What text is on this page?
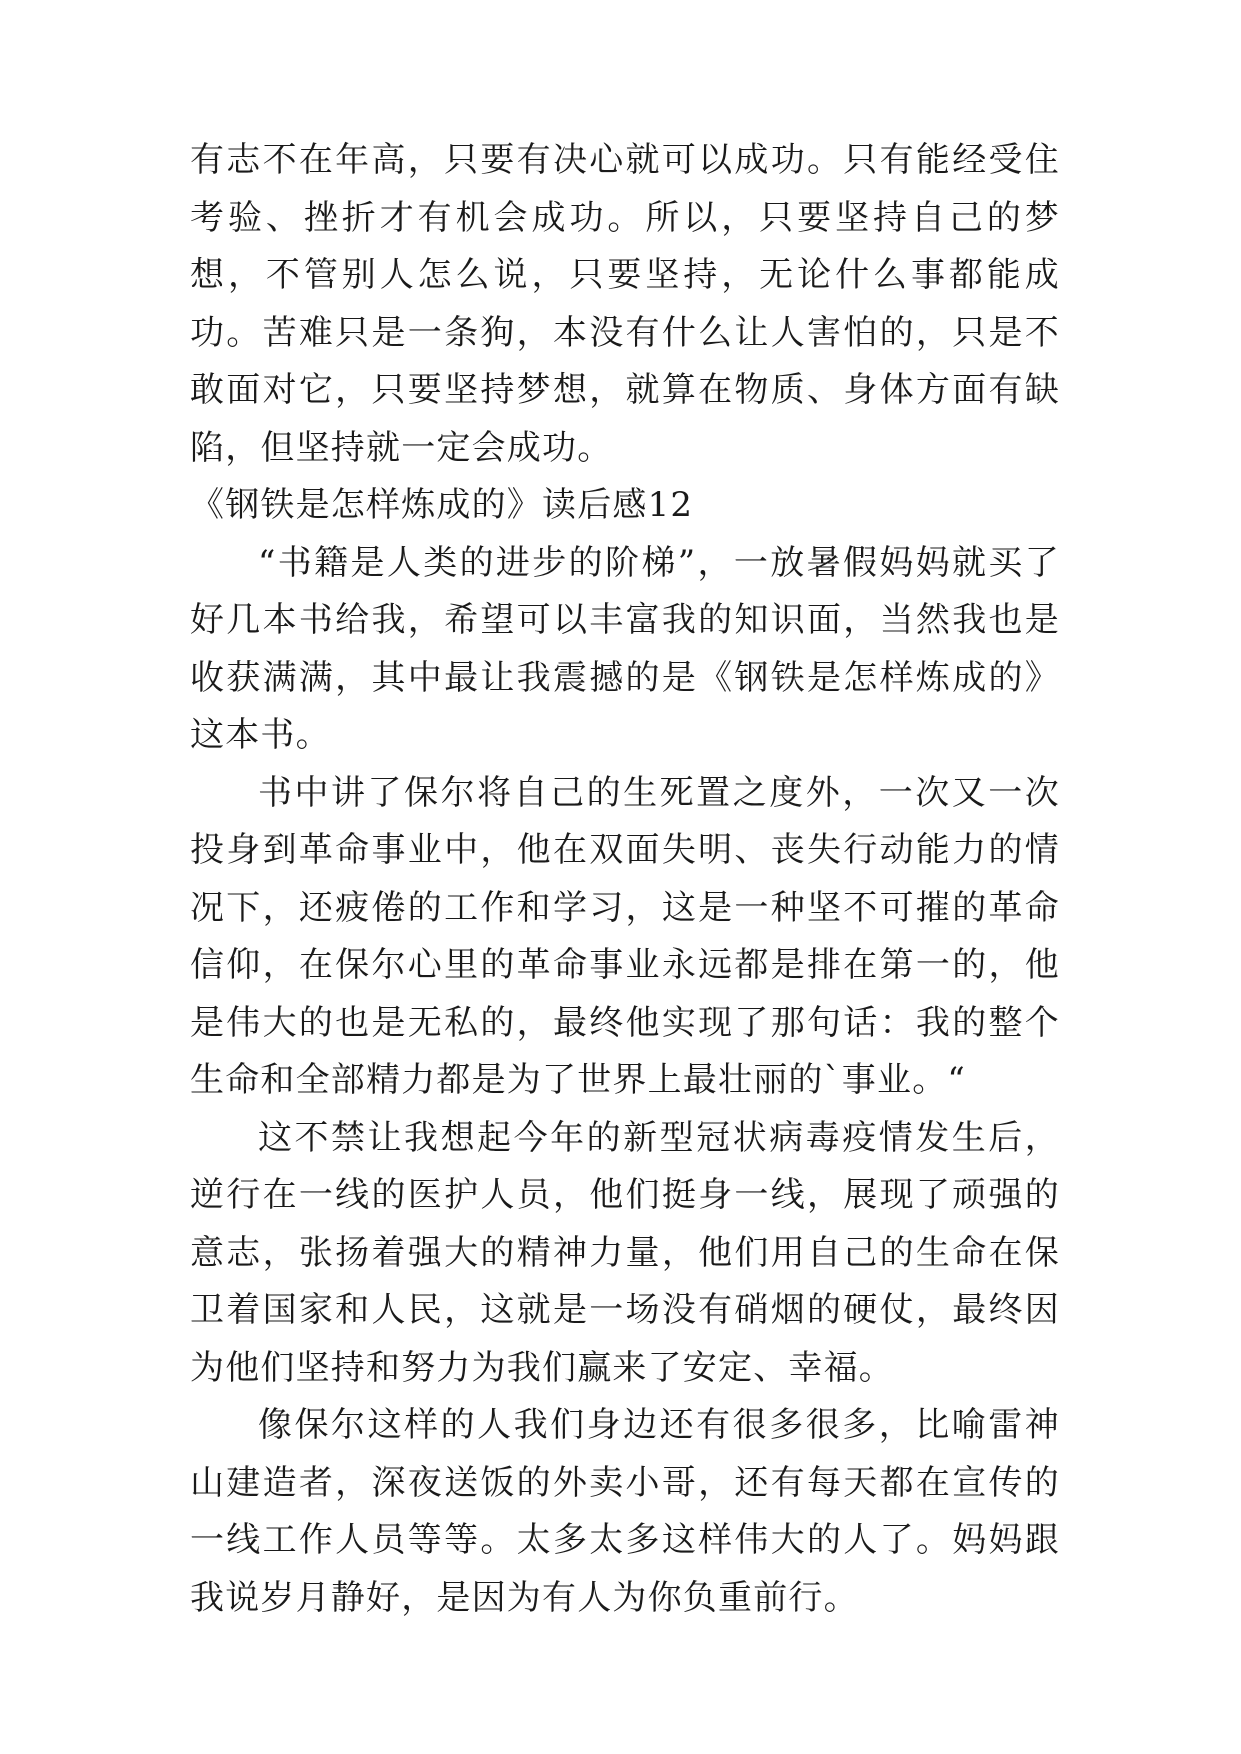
有志不在年高，只要有决心就可以成功。只有能经受住考验、挫折才有机会成功。所以，只要坚持自己的梦想，不管别人怎么说，只要坚持，无论什么事都能成功。苦难只是一条狗，本没有什么让人害怕的，只是不敢面对它，只要坚持梦想，就算在物质、身体方面有缺陷，但坚持就一定会成功。

《钢铁是怎样炼成的》读后感12

“书籍是人类的进步的阶梯”，一放暑假妈妈就买了好几本书给我，希望可以丰富我的知识面，当然我也是收获满满，其中最让我震撼的是《钢铁是怎样炼成的》这本书。

书中讲了保尔将自己的生死置之度外，一次又一次投身到革命事业中，他在双面失明、丧失行动能力的情况下，还疲倦的工作和学习，这是一种坚不可摧的革命信仰，在保尔心里的革命事业永远都是排在第一的，他是伟大的也是无私的，最终他实现了那句话：我的整个生命和全部精力都是为了世界上最壮丽的`事业。“

这不禁让我想起今年的新型冠状病毒疫情发生后，逆行在一线的医护人员，他们挺身一线，展现了顽强的意志，张扬着强大的精神力量，他们用自己的生命在保卫着国家和人民，这就是一场没有硝烟的硬仗，最终因为他们坚持和努力为我们赢来了安定、幸福。

像保尔这样的人我们身边还有很多很多，比喻雷神山建造者，深夜送饭的外卖小哥，还有每天都在宣传的一线工作人员等等。太多太多这样伟大的人了。妈妈跟我说岁月静好，是因为有人为你负重前行。
